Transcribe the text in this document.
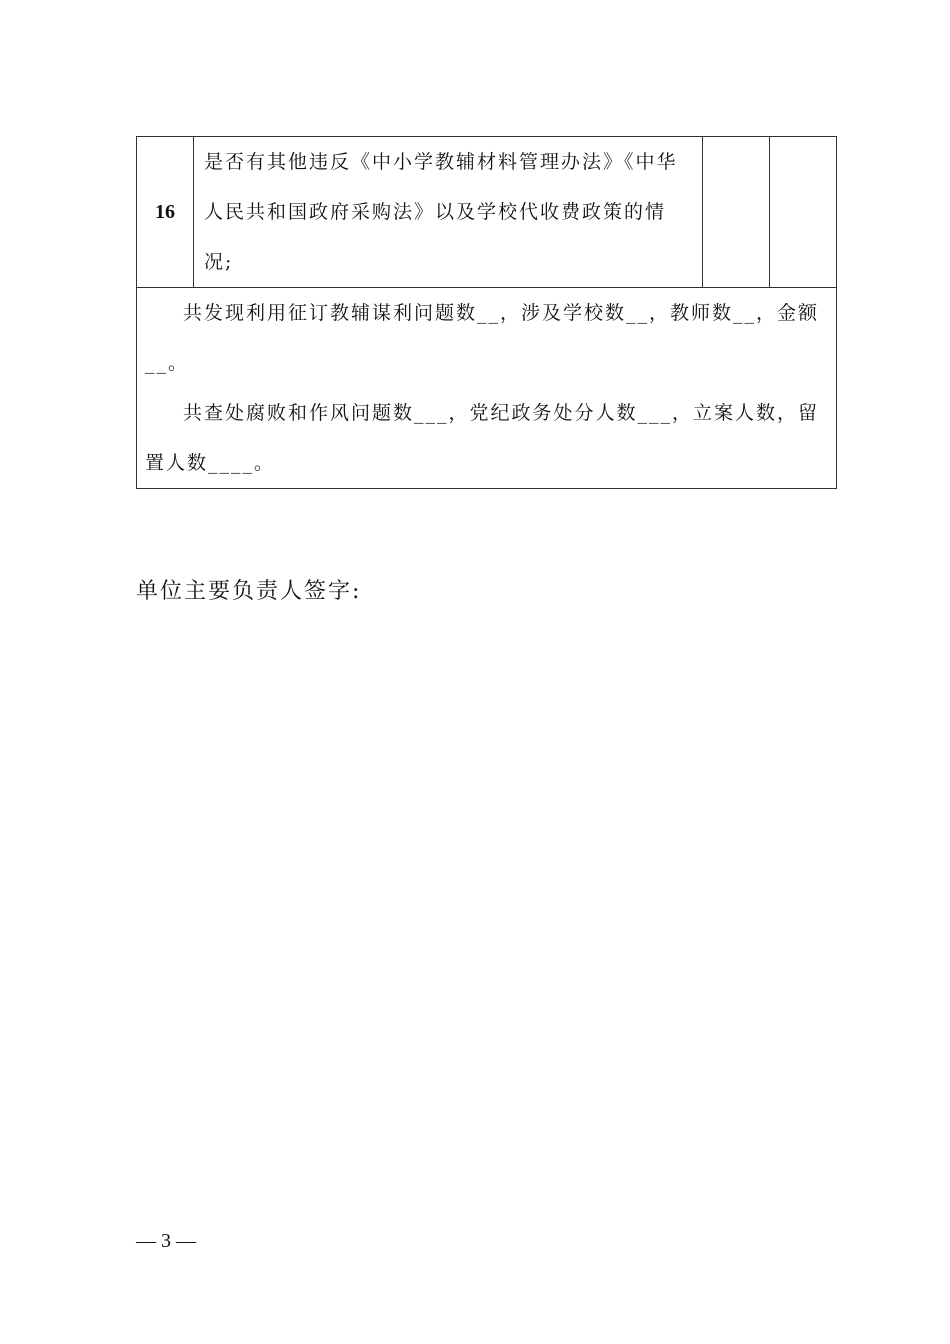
16	是否有其他违反《中小学教辅材料管理办法》《中华人民共和国政府采购法》以及学校代收费政策的情况;		

共发现利用征订教辅谋利问题数__，涉及学校数__，教师数__，金额 __。

共查处腐败和作风问题数___，党纪政务处分人数___，立案人数，留置人数____。

单位主要负责人签字:
— 3 —
